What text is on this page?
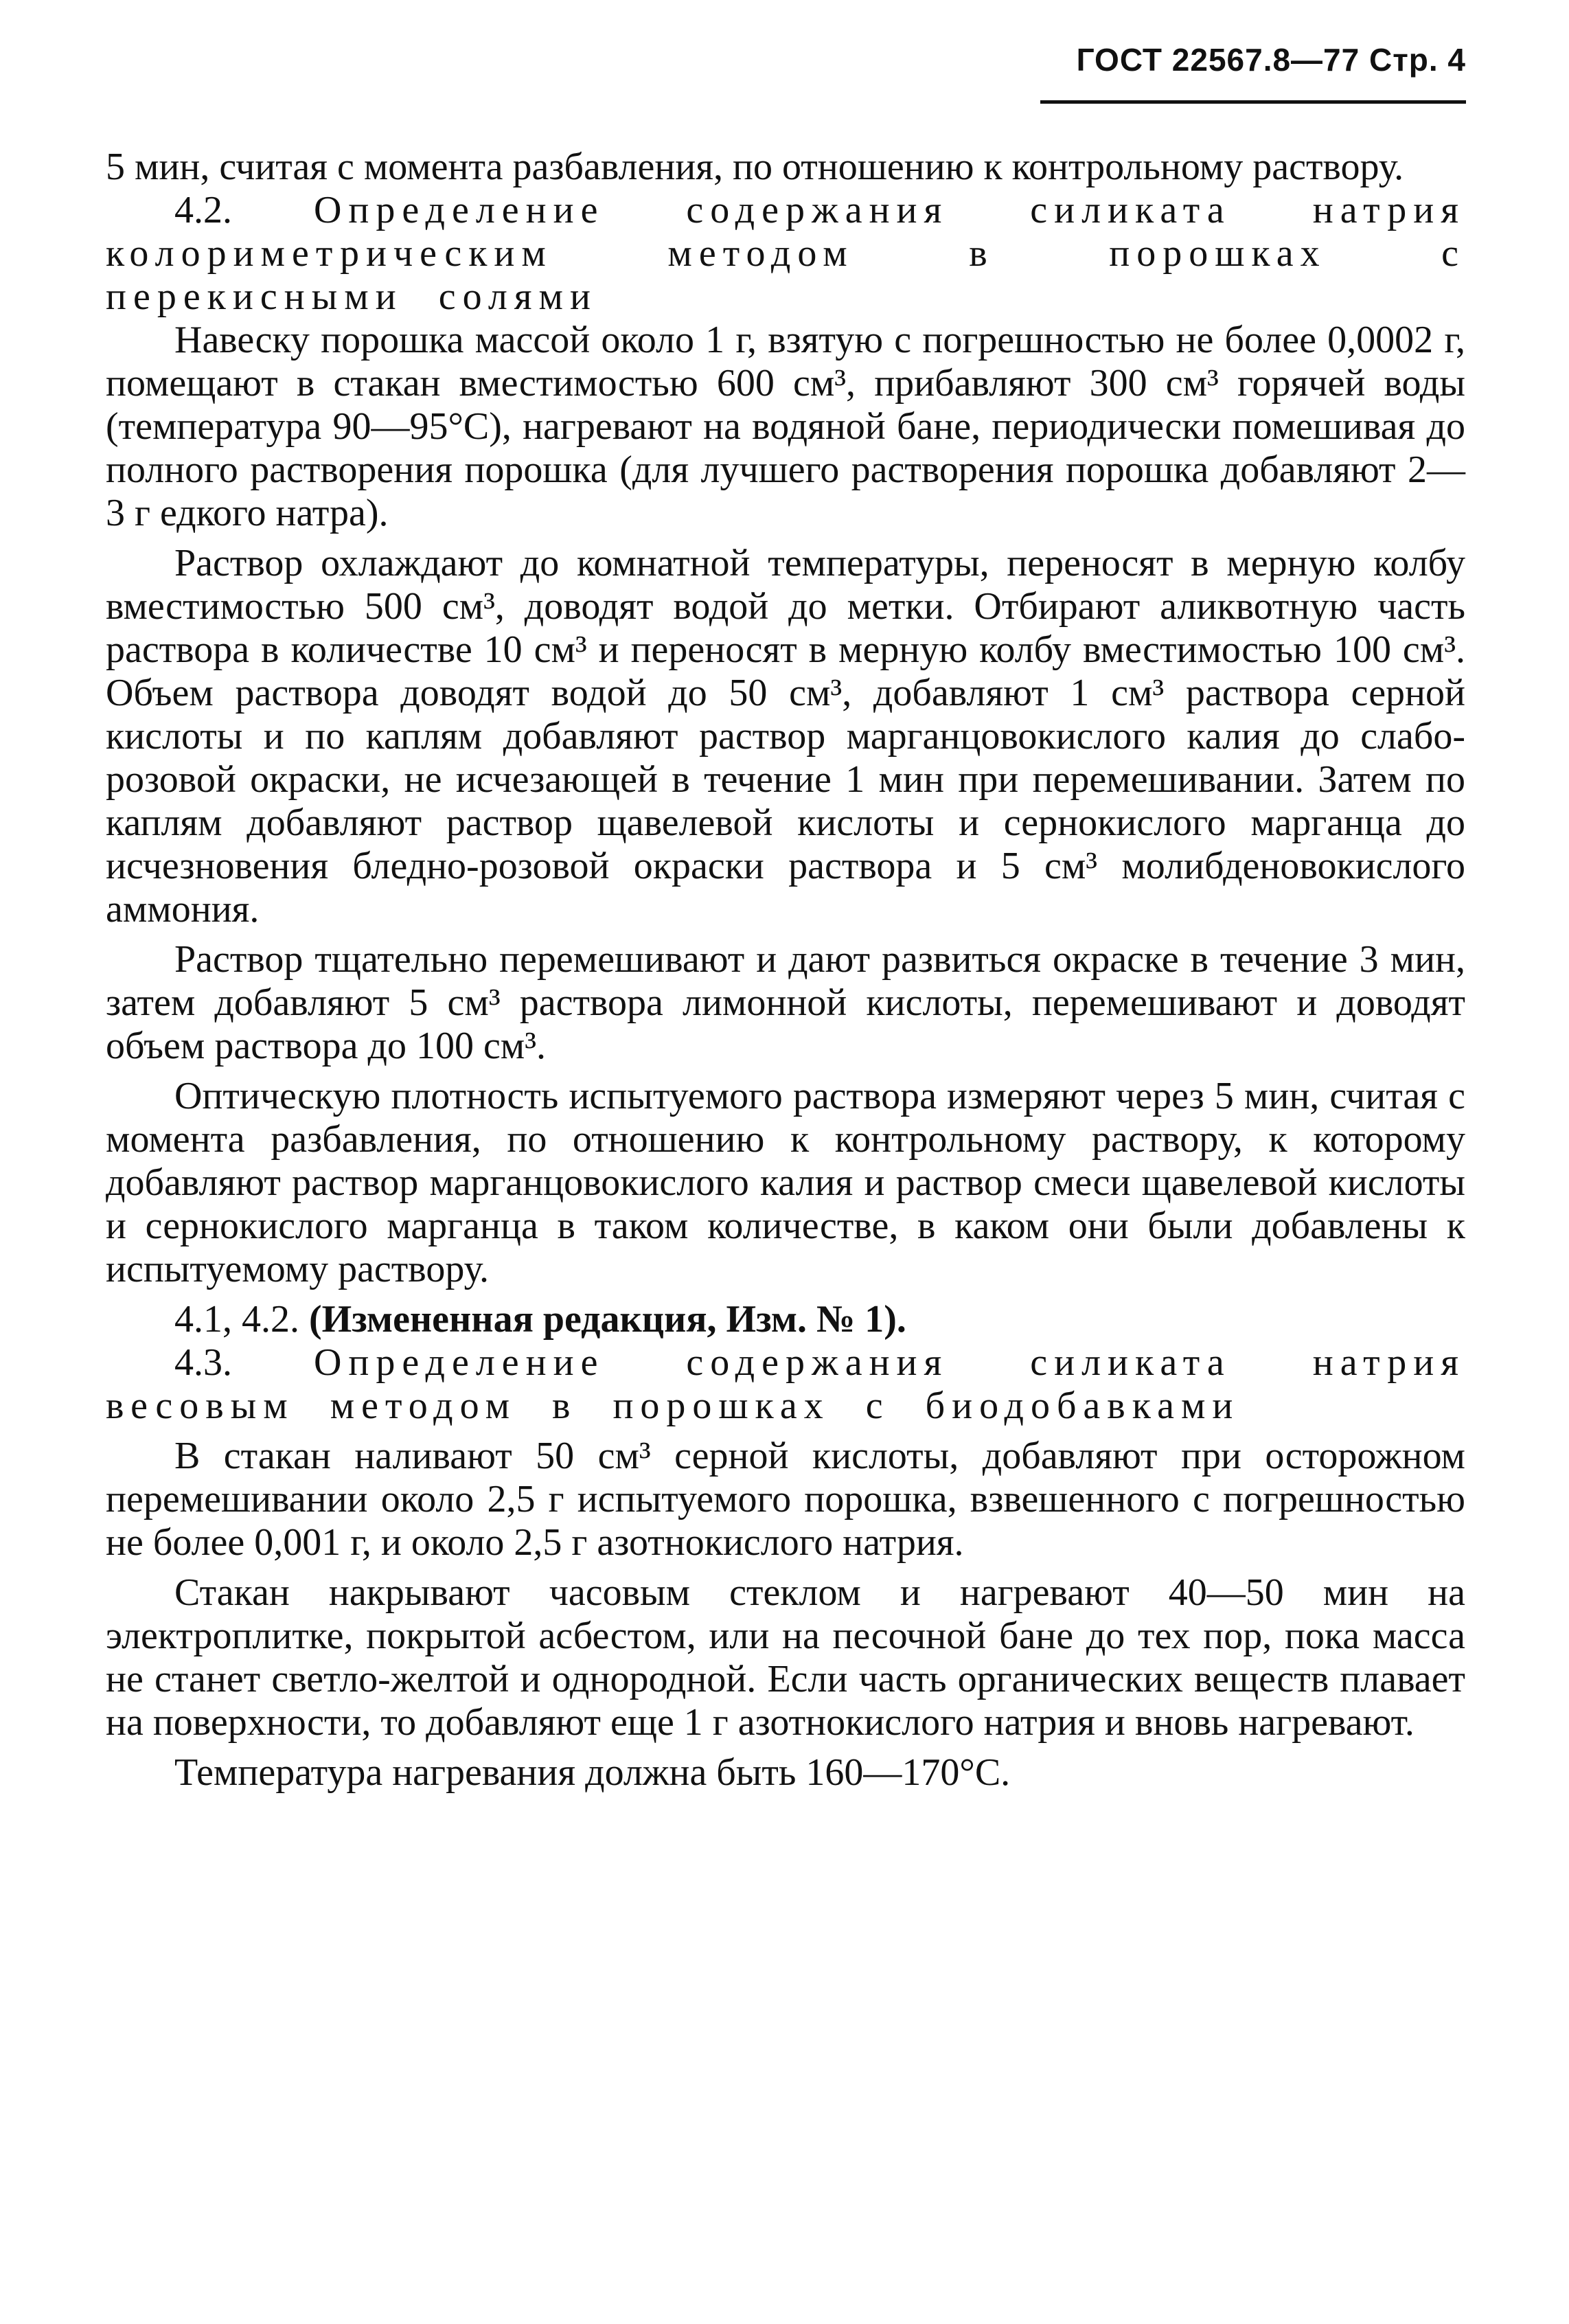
ГОСТ 22567.8—77 Стр. 4

5 мин, считая с момента разбавления, по отношению к контрольному раствору.

4.2. Определение содержания силиката натрия колориметрическим методом в порошках с перекисными солями

Навеску порошка массой около 1 г, взятую с погрешностью не более 0,0002 г, помещают в стакан вместимостью 600 см³, прибавляют 300 см³ горячей воды (температура 90—95°С), нагревают на водяной бане, периодически помешивая до полного растворения порошка (для лучшего растворения порошка добавляют 2—3 г едкого натра).

Раствор охлаждают до комнатной температуры, переносят в мерную колбу вместимостью 500 см³, доводят водой до метки. Отбирают аликвотную часть раствора в количестве 10 см³ и переносят в мерную колбу вместимостью 100 см³. Объем раствора доводят водой до 50 см³, добавляют 1 см³ раствора серной кислоты и по каплям добавляют раствор марганцовокислого калия до слабо-розовой окраски, не исчезающей в течение 1 мин при перемешивании. Затем по каплям добавляют раствор щавелевой кислоты и сернокислого марганца до исчезновения бледно-розовой окраски раствора и 5 см³ молибденовокислого аммония.

Раствор тщательно перемешивают и дают развиться окраске в течение 3 мин, затем добавляют 5 см³ раствора лимонной кислоты, перемешивают и доводят объем раствора до 100 см³.

Оптическую плотность испытуемого раствора измеряют через 5 мин, считая с момента разбавления, по отношению к контрольному раствору, к которому добавляют раствор марганцовокислого калия и раствор смеси щавелевой кислоты и сернокислого марганца в таком количестве, в каком они были добавлены к испытуемому раствору.

4.1, 4.2. (Измененная редакция, Изм. № 1).

4.3. Определение содержания силиката натрия весовым методом в порошках с биодобавками

В стакан наливают 50 см³ серной кислоты, добавляют при осторожном перемешивании около 2,5 г испытуемого порошка, взвешенного с погрешностью не более 0,001 г, и около 2,5 г азотнокислого натрия.

Стакан накрывают часовым стеклом и нагревают 40—50 мин на электроплитке, покрытой асбестом, или на песочной бане до тех пор, пока масса не станет светло-желтой и однородной. Если часть органических веществ плавает на поверхности, то добавляют еще 1 г азотнокислого натрия и вновь нагревают.

Температура нагревания должна быть 160—170°С.
